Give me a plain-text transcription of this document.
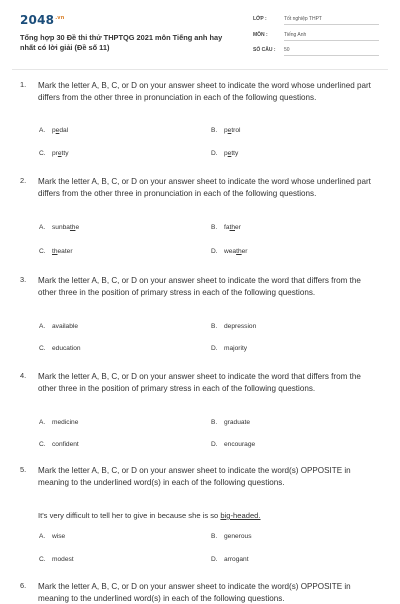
$2048^{.vn}$
Tổng hợp 30 Đề thi thử THPTQG 2021 môn Tiếng anh hay nhất có lời giải (Đề số 11)
LỚP :	Tốt nghiệp THPT
MÔN :	Tiếng Anh
SỐ CÂU :	50
1. Mark the letter A, B, C, or D on your answer sheet to indicate the word whose underlined part differs from the other three in pronunciation in each of the following questions.
A. pedal	B. petrol
C. pretty	D. petty
2. Mark the letter A, B, C, or D on your answer sheet to indicate the word whose underlined part differs from the other three in pronunciation in each of the following questions.
A. sunbathe	B. father
C. theater	D. weather
3. Mark the letter A, B, C, or D on your answer sheet to indicate the word that differs from the other three in the position of primary stress in each of the following questions.
A. available	B. depression
C. education	D. majority
4. Mark the letter A, B, C, or D on your answer sheet to indicate the word that differs from the other three in the position of primary stress in each of the following questions.
A. medicine	B. graduate
C. confident	D. encourage
5. Mark the letter A, B, C, or D on your answer sheet to indicate the word(s) OPPOSITE in meaning to the underlined word(s) in each of the following questions.
It's very difficult to tell her to give in because she is so big-headed.
A. wise	B. generous
C. modest	D. arrogant
6. Mark the letter A, B, C, or D on your answer sheet to indicate the word(s) OPPOSITE in meaning to the underlined word(s) in each of the following questions.
